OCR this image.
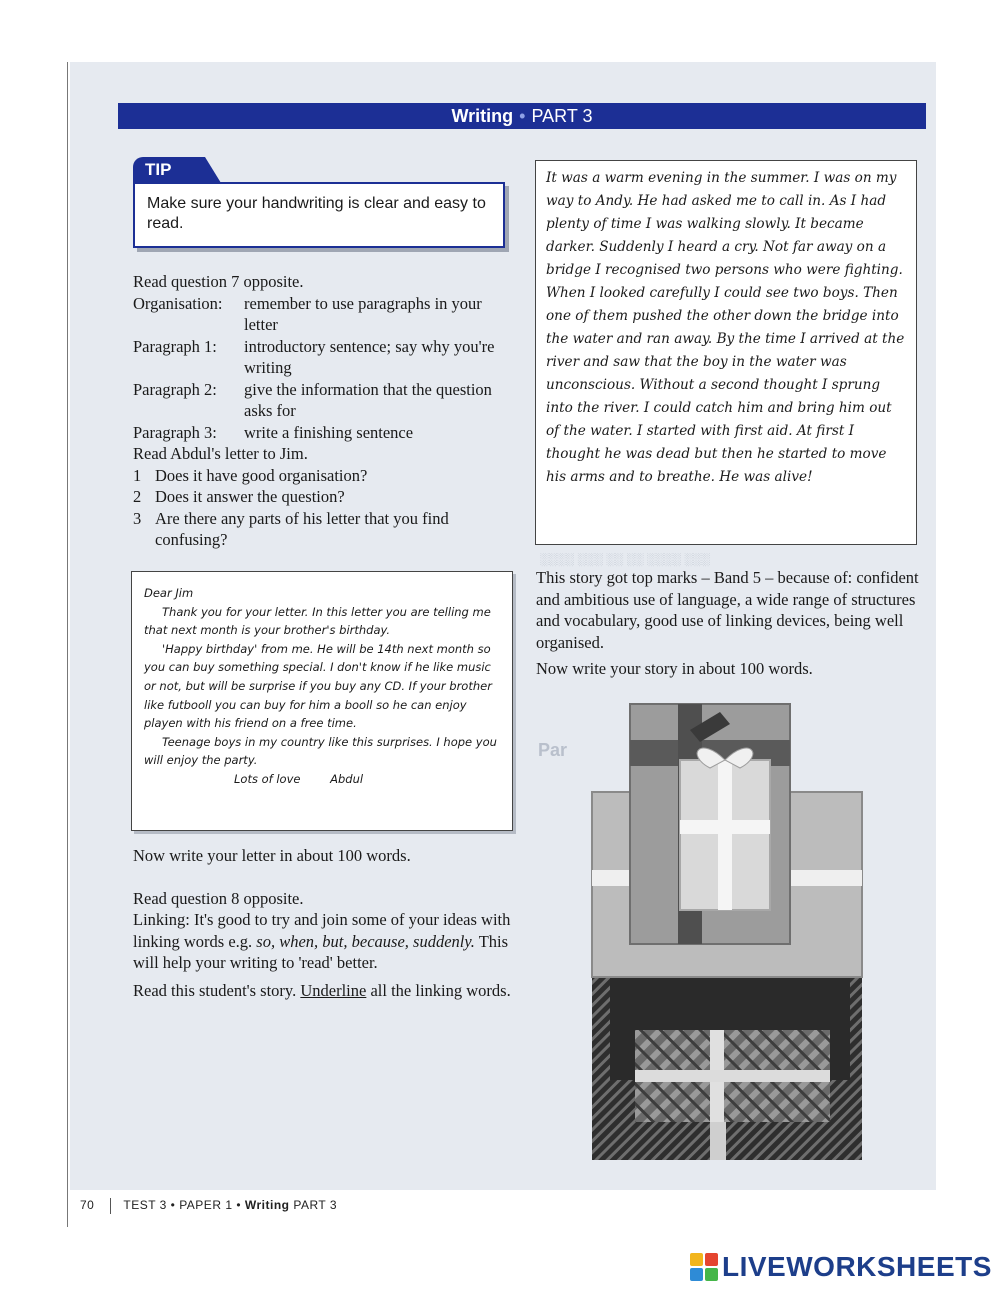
░░░░ ░░░ ░░ ░░ ░░░░ ░░░
Par
Writing • PART 3
TIP
Make sure your handwriting is clear and easy to read.
Read question 7 opposite.
Organisation:	remember to use paragraphs in your letter
Paragraph 1:	introductory sentence; say why you're writing
Paragraph 2:	give the information that the question asks for
Paragraph 3:	write a finishing sentence
Read Abdul's letter to Jim.
1 Does it have good organisation?
2 Does it answer the question?
3 Are there any parts of his letter that you find confusing?
Dear Jim
Thank you for your letter. In this letter you are telling me that next month is your brother's birthday.
'Happy birthday' from me. He will be 14th next month so you can buy something special. I don't know if he like music or not, but will be surprise if you buy any CD. If your brother like futbooll you can buy for him a booll so he can enjoy playen with his friend on a free time.
Teenage boys in my country like this surprises. I hope you will enjoy the party.
Lots of love	Abdul
Now write your letter in about 100 words.
Read question 8 opposite.
Linking: It's good to try and join some of your ideas with linking words e.g. so, when, but, because, suddenly. This will help your writing to 'read' better.
Read this student's story. Underline all the linking words.
It was a warm evening in the summer. I was on my way to Andy. He had asked me to call in. As I had plenty of time I was walking slowly. It became darker. Suddenly I heard a cry. Not far away on a bridge I recognised two persons who were fighting. When I looked carefully I could see two boys. Then one of them pushed the other down the bridge into the water and ran away. By the time I arrived at the river and saw that the boy in the water was unconscious. Without a second thought I sprung into the river. I could catch him and bring him out of the water. I started with first aid. At first I thought he was dead but then he started to move his arms and to breathe. He was alive!
This story got top marks – Band 5 – because of: confident and ambitious use of language, a wide range of structures and vocabulary, good use of linking devices, being well organised.
Now write your story in about 100 words.
70 TEST 3 • PAPER 1 • Writing PART 3
LIVEWORKSHEETS
